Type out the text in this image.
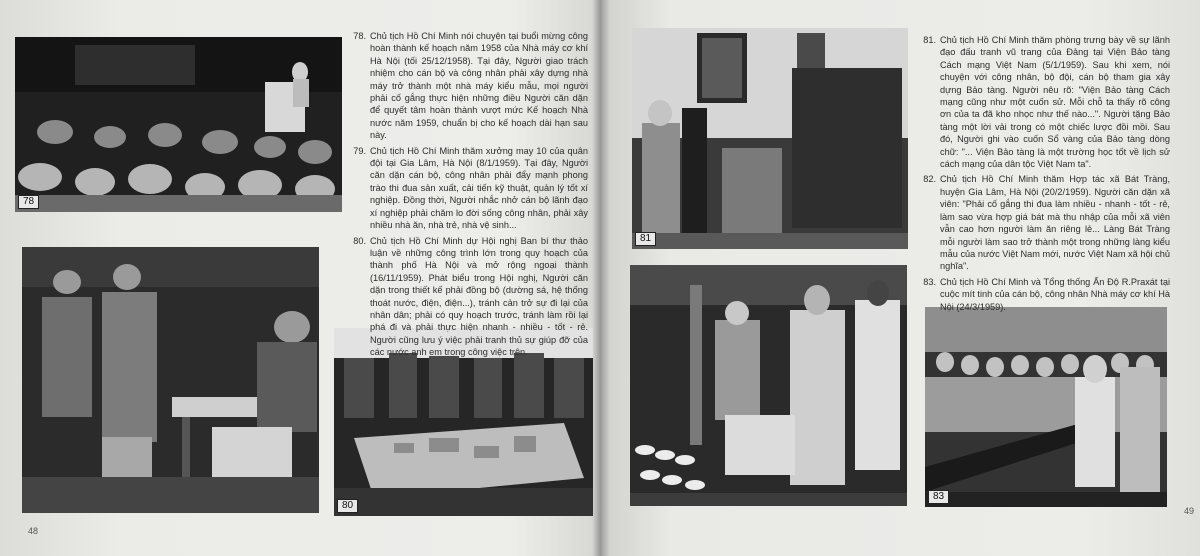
78
80
78. Chủ tịch Hồ Chí Minh nói chuyện tại buổi mừng công hoàn thành kế hoạch năm 1958 của Nhà máy cơ khí Hà Nội (tối 25/12/1958). Tại đây, Người giao trách nhiệm cho cán bộ và công nhân phải xây dựng nhà máy trở thành một nhà máy kiểu mẫu, mọi người phải cố gắng thực hiện những điều Người căn dặn để quyết tâm hoàn thành vượt mức Kế hoạch Nhà nước năm 1959, chuẩn bị cho kế hoạch dài hạn sau này.
79. Chủ tịch Hồ Chí Minh thăm xưởng may 10 của quân đội tại Gia Lâm, Hà Nội (8/1/1959). Tại đây, Người căn dặn cán bộ, công nhân phải đẩy mạnh phong trào thi đua sản xuất, cải tiến kỹ thuật, quản lý tốt xí nghiệp. Đồng thời, Người nhắc nhở cán bộ lãnh đạo xí nghiệp phải chăm lo đời sống công nhân, phải xây nhiều nhà ăn, nhà trẻ, nhà vệ sinh...
80. Chủ tịch Hồ Chí Minh dự Hội nghị Ban bí thư thảo luận về những công trình lớn trong quy hoạch của thành phố Hà Nội và mở rộng ngoại thành (16/11/1959). Phát biểu trong Hội nghị, Người căn dặn trong thiết kế phải đồng bộ (dường sá, hệ thống thoát nước, điện, điện...), tránh cản trở sự đi lại của nhân dân; phải có quy hoạch trước, tránh làm rồi lại phá đi và phải thực hiện nhanh - nhiều - tốt - rẻ. Người cũng lưu ý việc phải tranh thủ sự giúp đỡ của các nước anh em trong công việc trên.
48
81
83
81. Chủ tịch Hồ Chí Minh thăm phòng trưng bày về sự lãnh đạo đấu tranh vũ trang của Đảng tại Viện Bảo tàng Cách mạng Việt Nam (5/1/1959). Sau khi xem, nói chuyện với công nhân, bộ đội, cán bộ tham gia xây dựng Bảo tàng. Người nêu rõ: "Viện Bảo tàng Cách mạng cũng như một cuốn sử. Mỗi chỗ ta thấy rõ công ơn của ta đã kho nhọc như thế nào...". Người tặng Bảo tàng một lời vải trong có một chiếc lược đồi mồi. Sau đó, Người ghi vào cuốn Sổ vàng của Bảo tàng dòng chữ: "... Viện Bảo tàng là một trường học tốt về lịch sử cách mạng của dân tộc Việt Nam ta".
82. Chủ tịch Hồ Chí Minh thăm Hợp tác xã Bát Tràng, huyện Gia Lâm, Hà Nội (20/2/1959). Người căn dặn xã viên: "Phải cố gắng thi đua làm nhiều - nhanh - tốt - rẻ, làm sao vừa hợp giá bát mà thu nhập của mỗi xã viên vẫn cao hơn người làm ăn riêng lẻ... Làng Bát Tràng mỗi người làm sao trở thành một trong những làng kiểu mẫu của nước Việt Nam mới, nước Việt Nam xã hội chủ nghĩa".
83. Chủ tịch Hồ Chí Minh và Tổng thống Ấn Độ R.Praxát tại cuộc mít tinh của cán bộ, công nhân Nhà máy cơ khí Hà Nội (24/3/1959).
49
